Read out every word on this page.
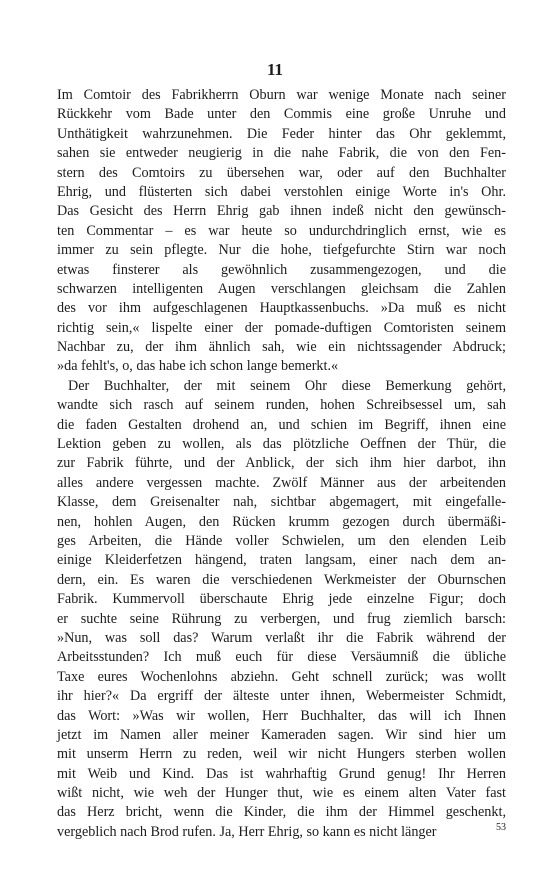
11
Im Comtoir des Fabrikherrn Oburn war wenige Monate nach seiner
Rückkehr vom Bade unter den Commis eine große Unruhe und
Unthätigkeit wahrzunehmen. Die Feder hinter das Ohr geklemmt,
sahen sie entweder neugierig in die nahe Fabrik, die von den Fen-
stern des Comtoirs zu übersehen war, oder auf den Buchhalter
Ehrig, und flüsterten sich dabei verstohlen einige Worte in's Ohr.
Das Gesicht des Herrn Ehrig gab ihnen indeß nicht den gewünsch-
ten Commentar – es war heute so undurchdringlich ernst, wie es
immer zu sein pflegte. Nur die hohe, tiefgefurchte Stirn war noch
etwas finsterer als gewöhnlich zusammengezogen, und die
schwarzen intelligenten Augen verschlangen gleichsam die Zahlen
des vor ihm aufgeschlagenen Hauptkassenbuchs. »Da muß es nicht
richtig sein,« lispelte einer der pomade-duftigen Comtoristen seinem
Nachbar zu, der ihm ähnlich sah, wie ein nichtssagender Abdruck;
»da fehlt's, o, das habe ich schon lange bemerkt.«
Der Buchhalter, der mit seinem Ohr diese Bemerkung gehört,
wandte sich rasch auf seinem runden, hohen Schreibsessel um, sah
die faden Gestalten drohend an, und schien im Begriff, ihnen eine
Lektion geben zu wollen, als das plötzliche Oeffnen der Thür, die
zur Fabrik führte, und der Anblick, der sich ihm hier darbot, ihn
alles andere vergessen machte. Zwölf Männer aus der arbeitenden
Klasse, dem Greisenalter nah, sichtbar abgemagert, mit eingefalle-
nen, hohlen Augen, den Rücken krumm gezogen durch übermäßi-
ges Arbeiten, die Hände voller Schwielen, um den elenden Leib
einige Kleiderfetzen hängend, traten langsam, einer nach dem an-
dern, ein. Es waren die verschiedenen Werkmeister der Oburnschen
Fabrik. Kummervoll überschaute Ehrig jede einzelne Figur; doch
er suchte seine Rührung zu verbergen, und frug ziemlich barsch:
»Nun, was soll das? Warum verlaßt ihr die Fabrik während der
Arbeitsstunden? Ich muß euch für diese Versäumniß die übliche
Taxe eures Wochenlohns abziehn. Geht schnell zurück; was wollt
ihr hier?« Da ergriff der älteste unter ihnen, Webermeister Schmidt,
das Wort: »Was wir wollen, Herr Buchhalter, das will ich Ihnen
jetzt im Namen aller meiner Kameraden sagen. Wir sind hier um
mit unserm Herrn zu reden, weil wir nicht Hungers sterben wollen
mit Weib und Kind. Das ist wahrhaftig Grund genug! Ihr Herren
wißt nicht, wie weh der Hunger thut, wie es einem alten Vater fast
das Herz bricht, wenn die Kinder, die ihm der Himmel geschenkt,
vergeblich nach Brod rufen. Ja, Herr Ehrig, so kann es nicht länger	53
